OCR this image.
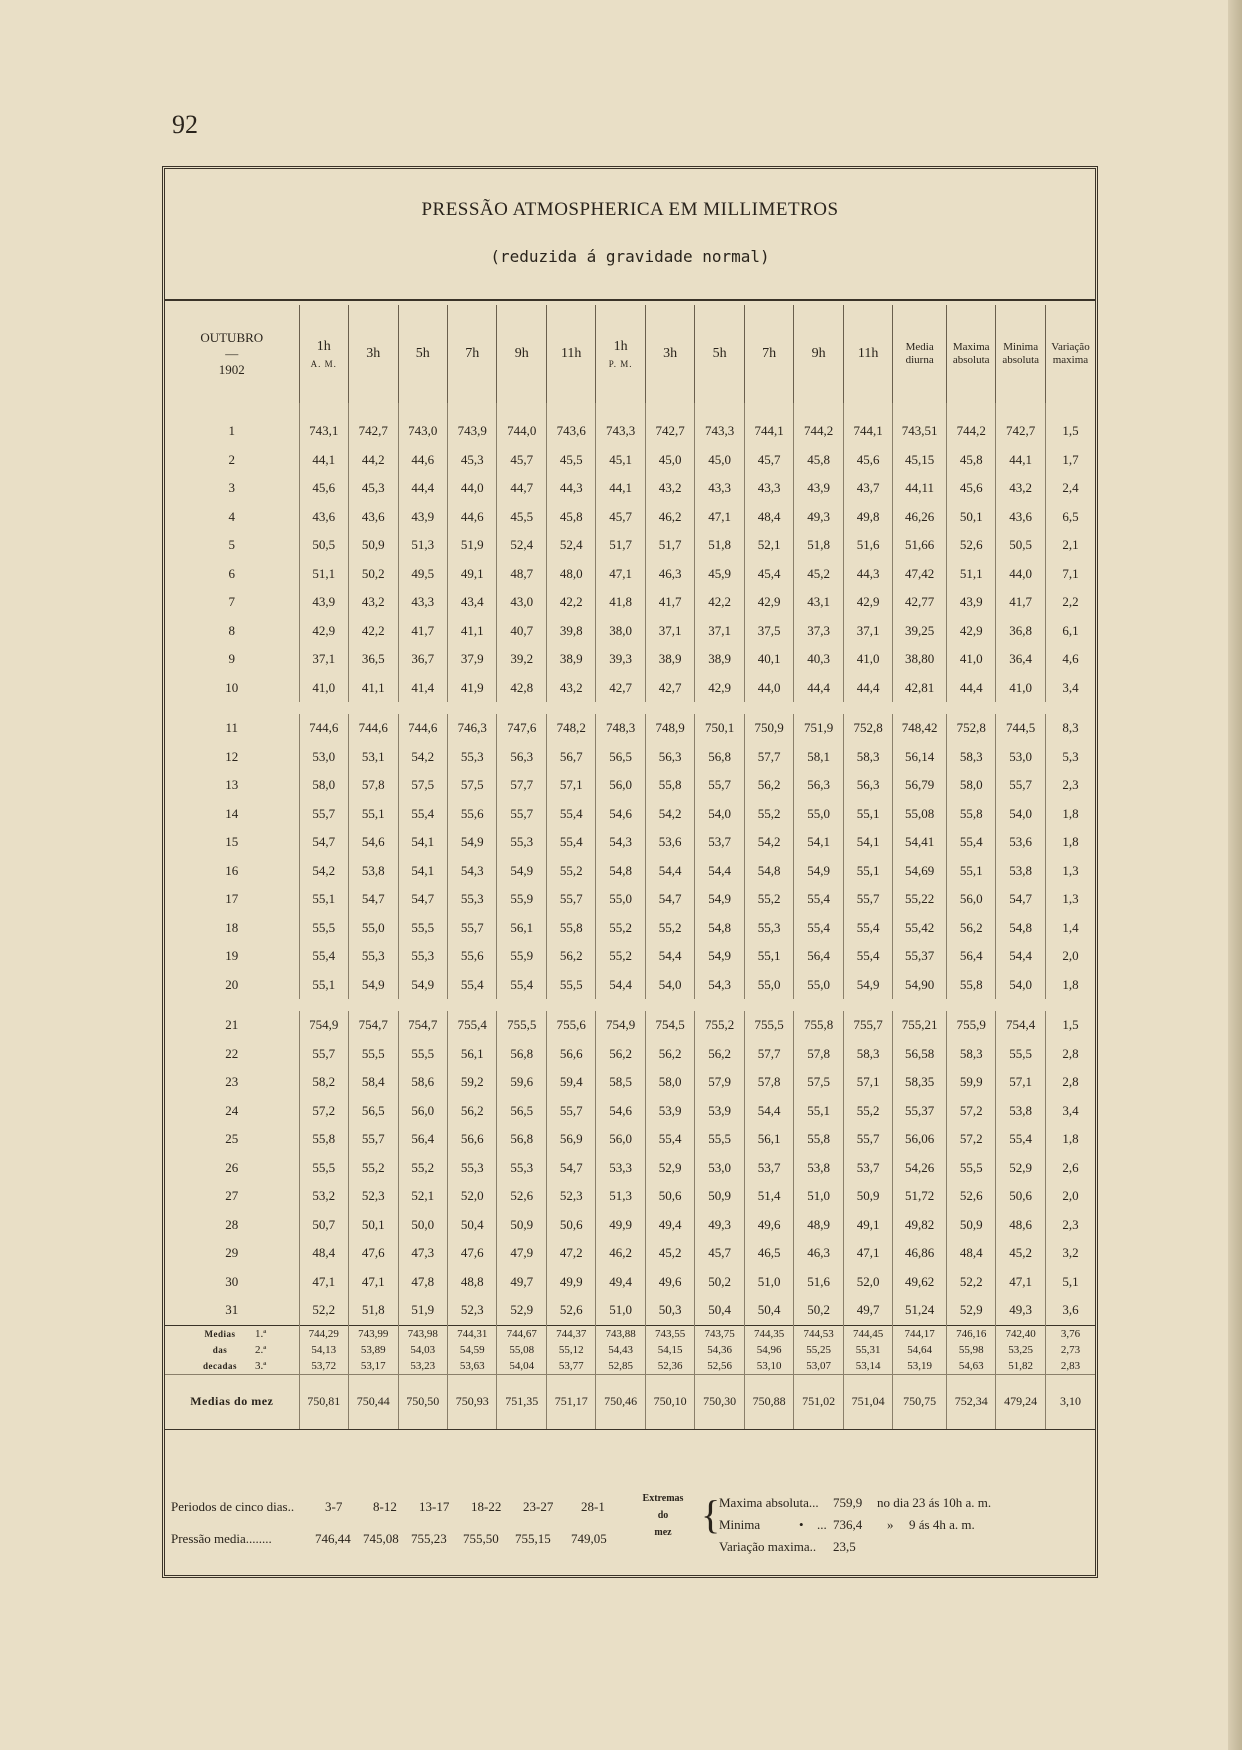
92
PRESSÃO ATMOSPHERICA EM MILLIMETROS
(reduzida á gravidade normal)
OUTUBRO
—
1902	1h
A. M.	3h	5h	7h	9h	11h	1h
P. M.	3h	5h	7h	9h	11h	Media diurna	Maxima absoluta	Minima absoluta	Variação maxima
1	743,1	742,7	743,0	743,9	744,0	743,6	743,3	742,7	743,3	744,1	744,2	744,1	743,51	744,2	742,7	1,5
2	44,1	44,2	44,6	45,3	45,7	45,5	45,1	45,0	45,0	45,7	45,8	45,6	45,15	45,8	44,1	1,7
3	45,6	45,3	44,4	44,0	44,7	44,3	44,1	43,2	43,3	43,3	43,9	43,7	44,11	45,6	43,2	2,4
4	43,6	43,6	43,9	44,6	45,5	45,8	45,7	46,2	47,1	48,4	49,3	49,8	46,26	50,1	43,6	6,5
5	50,5	50,9	51,3	51,9	52,4	52,4	51,7	51,7	51,8	52,1	51,8	51,6	51,66	52,6	50,5	2,1
6	51,1	50,2	49,5	49,1	48,7	48,0	47,1	46,3	45,9	45,4	45,2	44,3	47,42	51,1	44,0	7,1
7	43,9	43,2	43,3	43,4	43,0	42,2	41,8	41,7	42,2	42,9	43,1	42,9	42,77	43,9	41,7	2,2
8	42,9	42,2	41,7	41,1	40,7	39,8	38,0	37,1	37,1	37,5	37,3	37,1	39,25	42,9	36,8	6,1
9	37,1	36,5	36,7	37,9	39,2	38,9	39,3	38,9	38,9	40,1	40,3	41,0	38,80	41,0	36,4	4,6
10	41,0	41,1	41,4	41,9	42,8	43,2	42,7	42,7	42,9	44,0	44,4	44,4	42,81	44,4	41,0	3,4

11	744,6	744,6	744,6	746,3	747,6	748,2	748,3	748,9	750,1	750,9	751,9	752,8	748,42	752,8	744,5	8,3
12	53,0	53,1	54,2	55,3	56,3	56,7	56,5	56,3	56,8	57,7	58,1	58,3	56,14	58,3	53,0	5,3
13	58,0	57,8	57,5	57,5	57,7	57,1	56,0	55,8	55,7	56,2	56,3	56,3	56,79	58,0	55,7	2,3
14	55,7	55,1	55,4	55,6	55,7	55,4	54,6	54,2	54,0	55,2	55,0	55,1	55,08	55,8	54,0	1,8
15	54,7	54,6	54,1	54,9	55,3	55,4	54,3	53,6	53,7	54,2	54,1	54,1	54,41	55,4	53,6	1,8
16	54,2	53,8	54,1	54,3	54,9	55,2	54,8	54,4	54,4	54,8	54,9	55,1	54,69	55,1	53,8	1,3
17	55,1	54,7	54,7	55,3	55,9	55,7	55,0	54,7	54,9	55,2	55,4	55,7	55,22	56,0	54,7	1,3
18	55,5	55,0	55,5	55,7	56,1	55,8	55,2	55,2	54,8	55,3	55,4	55,4	55,42	56,2	54,8	1,4
19	55,4	55,3	55,3	55,6	55,9	56,2	55,2	54,4	54,9	55,1	56,4	55,4	55,37	56,4	54,4	2,0
20	55,1	54,9	54,9	55,4	55,4	55,5	54,4	54,0	54,3	55,0	55,0	54,9	54,90	55,8	54,0	1,8

21	754,9	754,7	754,7	755,4	755,5	755,6	754,9	754,5	755,2	755,5	755,8	755,7	755,21	755,9	754,4	1,5
22	55,7	55,5	55,5	56,1	56,8	56,6	56,2	56,2	56,2	57,7	57,8	58,3	56,58	58,3	55,5	2,8
23	58,2	58,4	58,6	59,2	59,6	59,4	58,5	58,0	57,9	57,8	57,5	57,1	58,35	59,9	57,1	2,8
24	57,2	56,5	56,0	56,2	56,5	55,7	54,6	53,9	53,9	54,4	55,1	55,2	55,37	57,2	53,8	3,4
25	55,8	55,7	56,4	56,6	56,8	56,9	56,0	55,4	55,5	56,1	55,8	55,7	56,06	57,2	55,4	1,8
26	55,5	55,2	55,2	55,3	55,3	54,7	53,3	52,9	53,0	53,7	53,8	53,7	54,26	55,5	52,9	2,6
27	53,2	52,3	52,1	52,0	52,6	52,3	51,3	50,6	50,9	51,4	51,0	50,9	51,72	52,6	50,6	2,0
28	50,7	50,1	50,0	50,4	50,9	50,6	49,9	49,4	49,3	49,6	48,9	49,1	49,82	50,9	48,6	2,3
29	48,4	47,6	47,3	47,6	47,9	47,2	46,2	45,2	45,7	46,5	46,3	47,1	46,86	48,4	45,2	3,2
30	47,1	47,1	47,8	48,8	49,7	49,9	49,4	49,6	50,2	51,0	51,6	52,0	49,62	52,2	47,1	5,1
31	52,2	51,8	51,9	52,3	52,9	52,6	51,0	50,3	50,4	50,4	50,2	49,7	51,24	52,9	49,3	3,6
Medias 1.ª	744,29	743,99	743,98	744,31	744,67	744,37	743,88	743,55	743,75	744,35	744,53	744,45	744,17	746,16	742,40	3,76
das 2.ª	54,13	53,89	54,03	54,59	55,08	55,12	54,43	54,15	54,36	54,96	55,25	55,31	54,64	55,98	53,25	2,73
decadas 3.ª	53,72	53,17	53,23	53,63	54,04	53,77	52,85	52,36	52,56	53,10	53,07	53,14	53,19	54,63	51,82	2,83
Medias do mez	750,81	750,44	750,50	750,93	751,35	751,17	750,46	750,10	750,30	750,88	751,02	751,04	750,75	752,34	479,24	3,10
Periodos de cinco dias.. 3-7 8-12 13-17 18-22 23-27 28-1
Pressão media........	746,44 745,08 755,23 755,50 755,15 749,05
Extremas
do
mez {
Maxima absoluta... 759,9 no dia 23 ás 10h a. m.
Minima	• ... 736,4 » 9 ás 4h a. m.
Variação maxima.. 23,5
